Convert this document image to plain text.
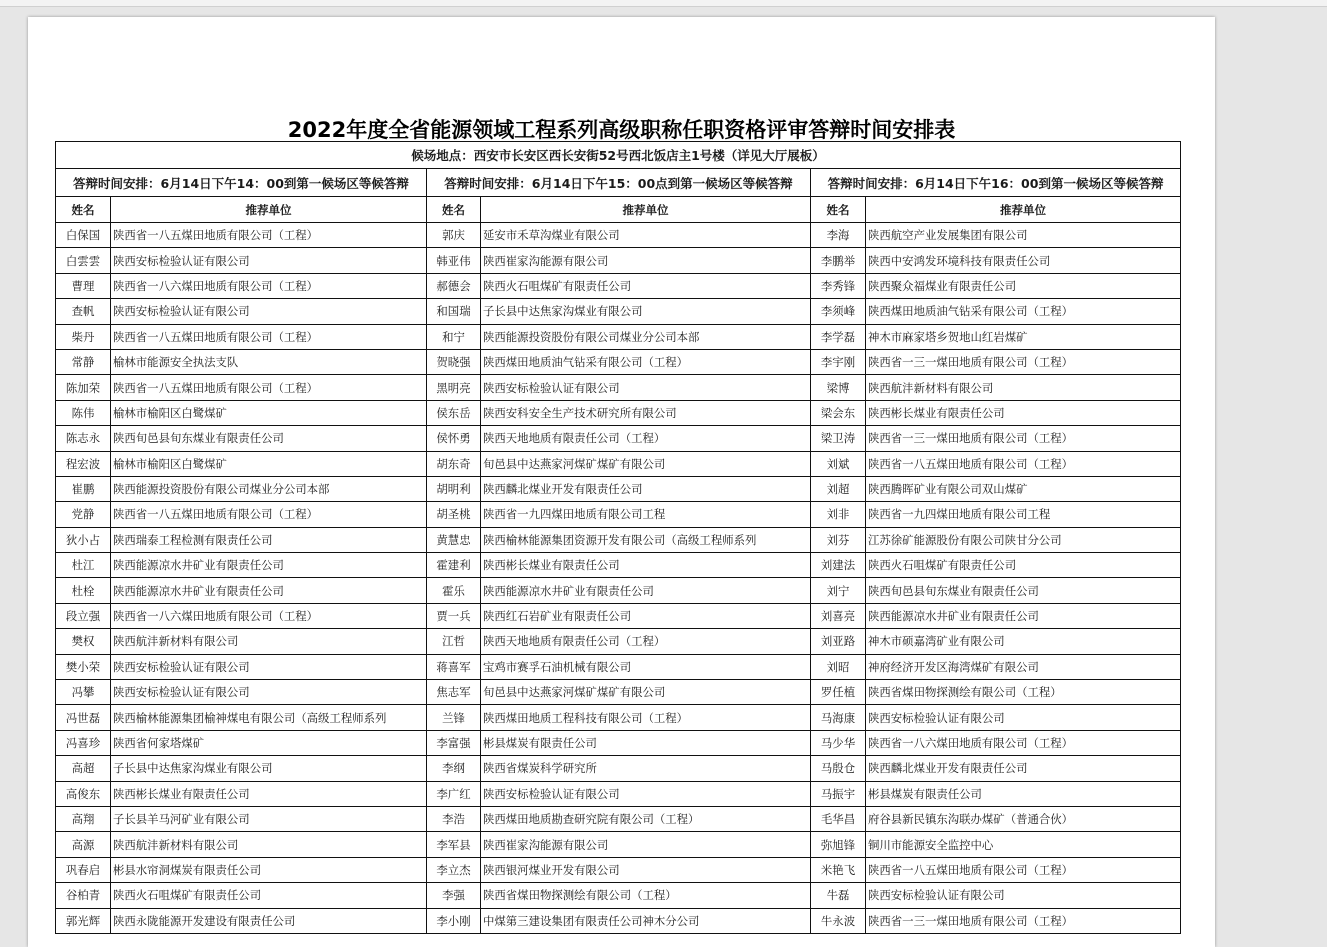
2022年度全省能源领域工程系列高级职称任职资格评审答辩时间安排表
候场地点：西安市长安区西长安街52号西北饭店主1号楼（详见大厅展板）					
答辩时间安排：6月14日下午14：00到第一候场区等候答辩		答辩时间安排：6月14日下午15：00点到第一候场区等候答辩		答辩时间安排：6月14日下午16：00到第一候场区等候答辩	
姓名	推荐单位	姓名	推荐单位	姓名	推荐单位
白保国	陕西省一八五煤田地质有限公司（工程）	郭庆	延安市禾草沟煤业有限公司	李海	陕西航空产业发展集团有限公司
白雲雲	陕西安标检验认证有限公司	韩亚伟	陕西崔家沟能源有限公司	李鹏举	陕西中安鸿发环境科技有限责任公司
曹理	陕西省一八六煤田地质有限公司（工程）	郝德会	陕西火石咀煤矿有限责任公司	李秀锋	陕西聚众福煤业有限责任公司
查帆	陕西安标检验认证有限公司	和国瑞	子长县中达焦家沟煤业有限公司	李须峰	陕西煤田地质油气钻采有限公司（工程）
柴丹	陕西省一八五煤田地质有限公司（工程）	和宁	陕西能源投资股份有限公司煤业分公司本部	李学磊	神木市麻家塔乡贺地山红岩煤矿
常静	榆林市能源安全执法支队	贺晓强	陕西煤田地质油气钻采有限公司（工程）	李宇刚	陕西省一三一煤田地质有限公司（工程）
陈加荣	陕西省一八五煤田地质有限公司（工程）	黑明亮	陕西安标检验认证有限公司	梁博	陕西航沣新材料有限公司
陈伟	榆林市榆阳区白鹭煤矿	侯东岳	陕西安科安全生产技术研究所有限公司	梁会东	陕西彬长煤业有限责任公司
陈志永	陕西旬邑县旬东煤业有限责任公司	侯怀勇	陕西天地地质有限责任公司（工程）	梁卫涛	陕西省一三一煤田地质有限公司（工程）
程宏波	榆林市榆阳区白鹭煤矿	胡东奇	旬邑县中达燕家河煤矿煤矿有限公司	刘斌	陕西省一八五煤田地质有限公司（工程）
崔鹏	陕西能源投资股份有限公司煤业分公司本部	胡明利	陕西麟北煤业开发有限责任公司	刘超	陕西腾晖矿业有限公司双山煤矿
党静	陕西省一八五煤田地质有限公司（工程）	胡圣桃	陕西省一九四煤田地质有限公司工程	刘非	陕西省一九四煤田地质有限公司工程
狄小占	陕西瑞泰工程检测有限责任公司	黄慧忠	陕西榆林能源集团资源开发有限公司（高级工程师系列	刘芬	江苏徐矿能源股份有限公司陕甘分公司
杜江	陕西能源凉水井矿业有限责任公司	霍建利	陕西彬长煤业有限责任公司	刘建法	陕西火石咀煤矿有限责任公司
杜栓	陕西能源凉水井矿业有限责任公司	霍乐	陕西能源凉水井矿业有限责任公司	刘宁	陕西旬邑县旬东煤业有限责任公司
段立强	陕西省一八六煤田地质有限公司（工程）	贾一兵	陕西红石岩矿业有限责任公司	刘喜亮	陕西能源凉水井矿业有限责任公司
樊权	陕西航沣新材料有限公司	江哲	陕西天地地质有限责任公司（工程）	刘亚路	神木市硕嘉湾矿业有限公司
樊小荣	陕西安标检验认证有限公司	蒋喜军	宝鸡市赛孚石油机械有限公司	刘昭	神府经济开发区海湾煤矿有限公司
冯攀	陕西安标检验认证有限公司	焦志军	旬邑县中达燕家河煤矿煤矿有限公司	罗任植	陕西省煤田物探测绘有限公司（工程）
冯世磊	陕西榆林能源集团榆神煤电有限公司（高级工程师系列	兰锋	陕西煤田地质工程科技有限公司（工程）	马海康	陕西安标检验认证有限公司
冯喜珍	陕西省何家塔煤矿	李富强	彬县煤炭有限责任公司	马少华	陕西省一八六煤田地质有限公司（工程）
高超	子长县中达焦家沟煤业有限公司	李纲	陕西省煤炭科学研究所	马殷仓	陕西麟北煤业开发有限责任公司
高俊东	陕西彬长煤业有限责任公司	李广红	陕西安标检验认证有限公司	马振宇	彬县煤炭有限责任公司
高翔	子长县羊马河矿业有限公司	李浩	陕西煤田地质勘查研究院有限公司（工程）	毛华昌	府谷县新民镇东沟联办煤矿（普通合伙）
高源	陕西航沣新材料有限公司	李军县	陕西崔家沟能源有限公司	弥旭锋	铜川市能源安全监控中心
巩春启	彬县水帘洞煤炭有限责任公司	李立杰	陕西银河煤业开发有限公司	米艳飞	陕西省一八五煤田地质有限公司（工程）
谷柏青	陕西火石咀煤矿有限责任公司	李强	陕西省煤田物探测绘有限公司（工程）	牛磊	陕西安标检验认证有限公司
郭光辉	陕西永陇能源开发建设有限责任公司	李小刚	中煤第三建设集团有限责任公司神木分公司	牛永波	陕西省一三一煤田地质有限公司（工程）
